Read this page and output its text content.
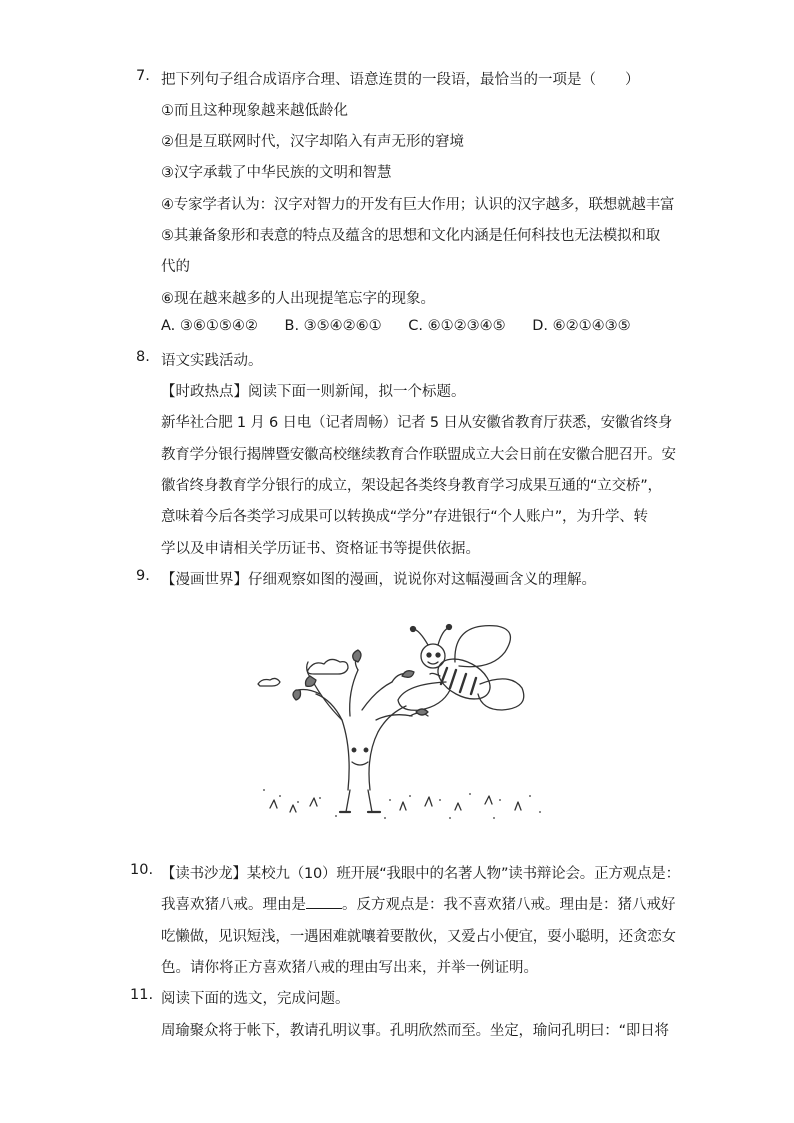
7. 把下列句子组合成语序合理、语意连贯的一段语，最恰当的一项是（　　）
①而且这种现象越来越低龄化
②但是互联网时代，汉字却陷入有声无形的窘境
③汉字承载了中华民族的文明和智慧
④专家学者认为：汉字对智力的开发有巨大作用；认识的汉字越多，联想就越丰富
⑤其兼备象形和表意的特点及蕴含的思想和文化内涵是任何科技也无法模拟和取
代的
⑥现在越来越多的人出现提笔忘字的现象。
A. ③⑥①⑤④② B. ③⑤④②⑥① C. ⑥①②③④⑤ D. ⑥②①④③⑤
8. 语文实践活动。
【时政热点】阅读下面一则新闻，拟一个标题。
新华社合肥 1 月 6 日电（记者周畅）记者 5 日从安徽省教育厅获悉，安徽省终身
教育学分银行揭牌暨安徽高校继续教育合作联盟成立大会日前在安徽合肥召开。安
徽省终身教育学分银行的成立，架设起各类终身教育学习成果互通的“立交桥”，
意味着今后各类学习成果可以转换成“学分”存进银行“个人账户”，为升学、转
学以及申请相关学历证书、资格证书等提供依据。
9. 【漫画世界】仔细观察如图的漫画，说说你对这幅漫画含义的理解。
10. 【读书沙龙】某校九（10）班开展“我眼中的名著人物”读书辩论会。正方观点是：
我喜欢猪八戒。理由是 。反方观点是：我不喜欢猪八戒。理由是：猪八戒好
吃懒做，见识短浅，一遇困难就嚷着要散伙，又爱占小便宜，耍小聪明，还贪恋女
色。请你将正方喜欢猪八戒的理由写出来，并举一例证明。
11. 阅读下面的选文，完成问题。
周瑜聚众将于帐下，教请孔明议事。孔明欣然而至。坐定，瑜问孔明曰：“即日将
